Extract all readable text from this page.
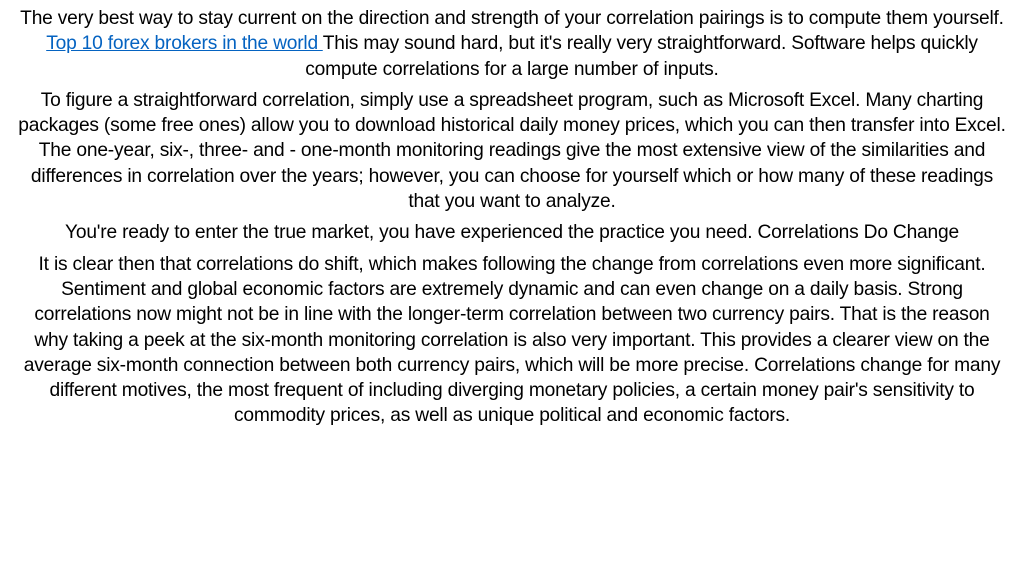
The very best way to stay current on the direction and strength of your correlation pairings is to compute them yourself. Top 10 forex brokers in the world This may sound hard, but it's really very straightforward. Software helps quickly compute correlations for a large number of inputs.

To figure a straightforward correlation, simply use a spreadsheet program, such as Microsoft Excel. Many charting packages (some free ones) allow you to download historical daily money prices, which you can then transfer into Excel. The one-year, six-, three- and - one-month monitoring readings give the most extensive view of the similarities and differences in correlation over the years; however, you can choose for yourself which or how many of these readings that you want to analyze.

You're ready to enter the true market, you have experienced the practice you need. Correlations Do Change

It is clear then that correlations do shift, which makes following the change from correlations even more significant. Sentiment and global economic factors are extremely dynamic and can even change on a daily basis. Strong correlations now might not be in line with the longer-term correlation between two currency pairs. That is the reason why taking a peek at the six-month monitoring correlation is also very important. This provides a clearer view on the average six-month connection between both currency pairs, which will be more precise. Correlations change for many different motives, the most frequent of including diverging monetary policies, a certain money pair's sensitivity to commodity prices, as well as unique political and economic factors.
